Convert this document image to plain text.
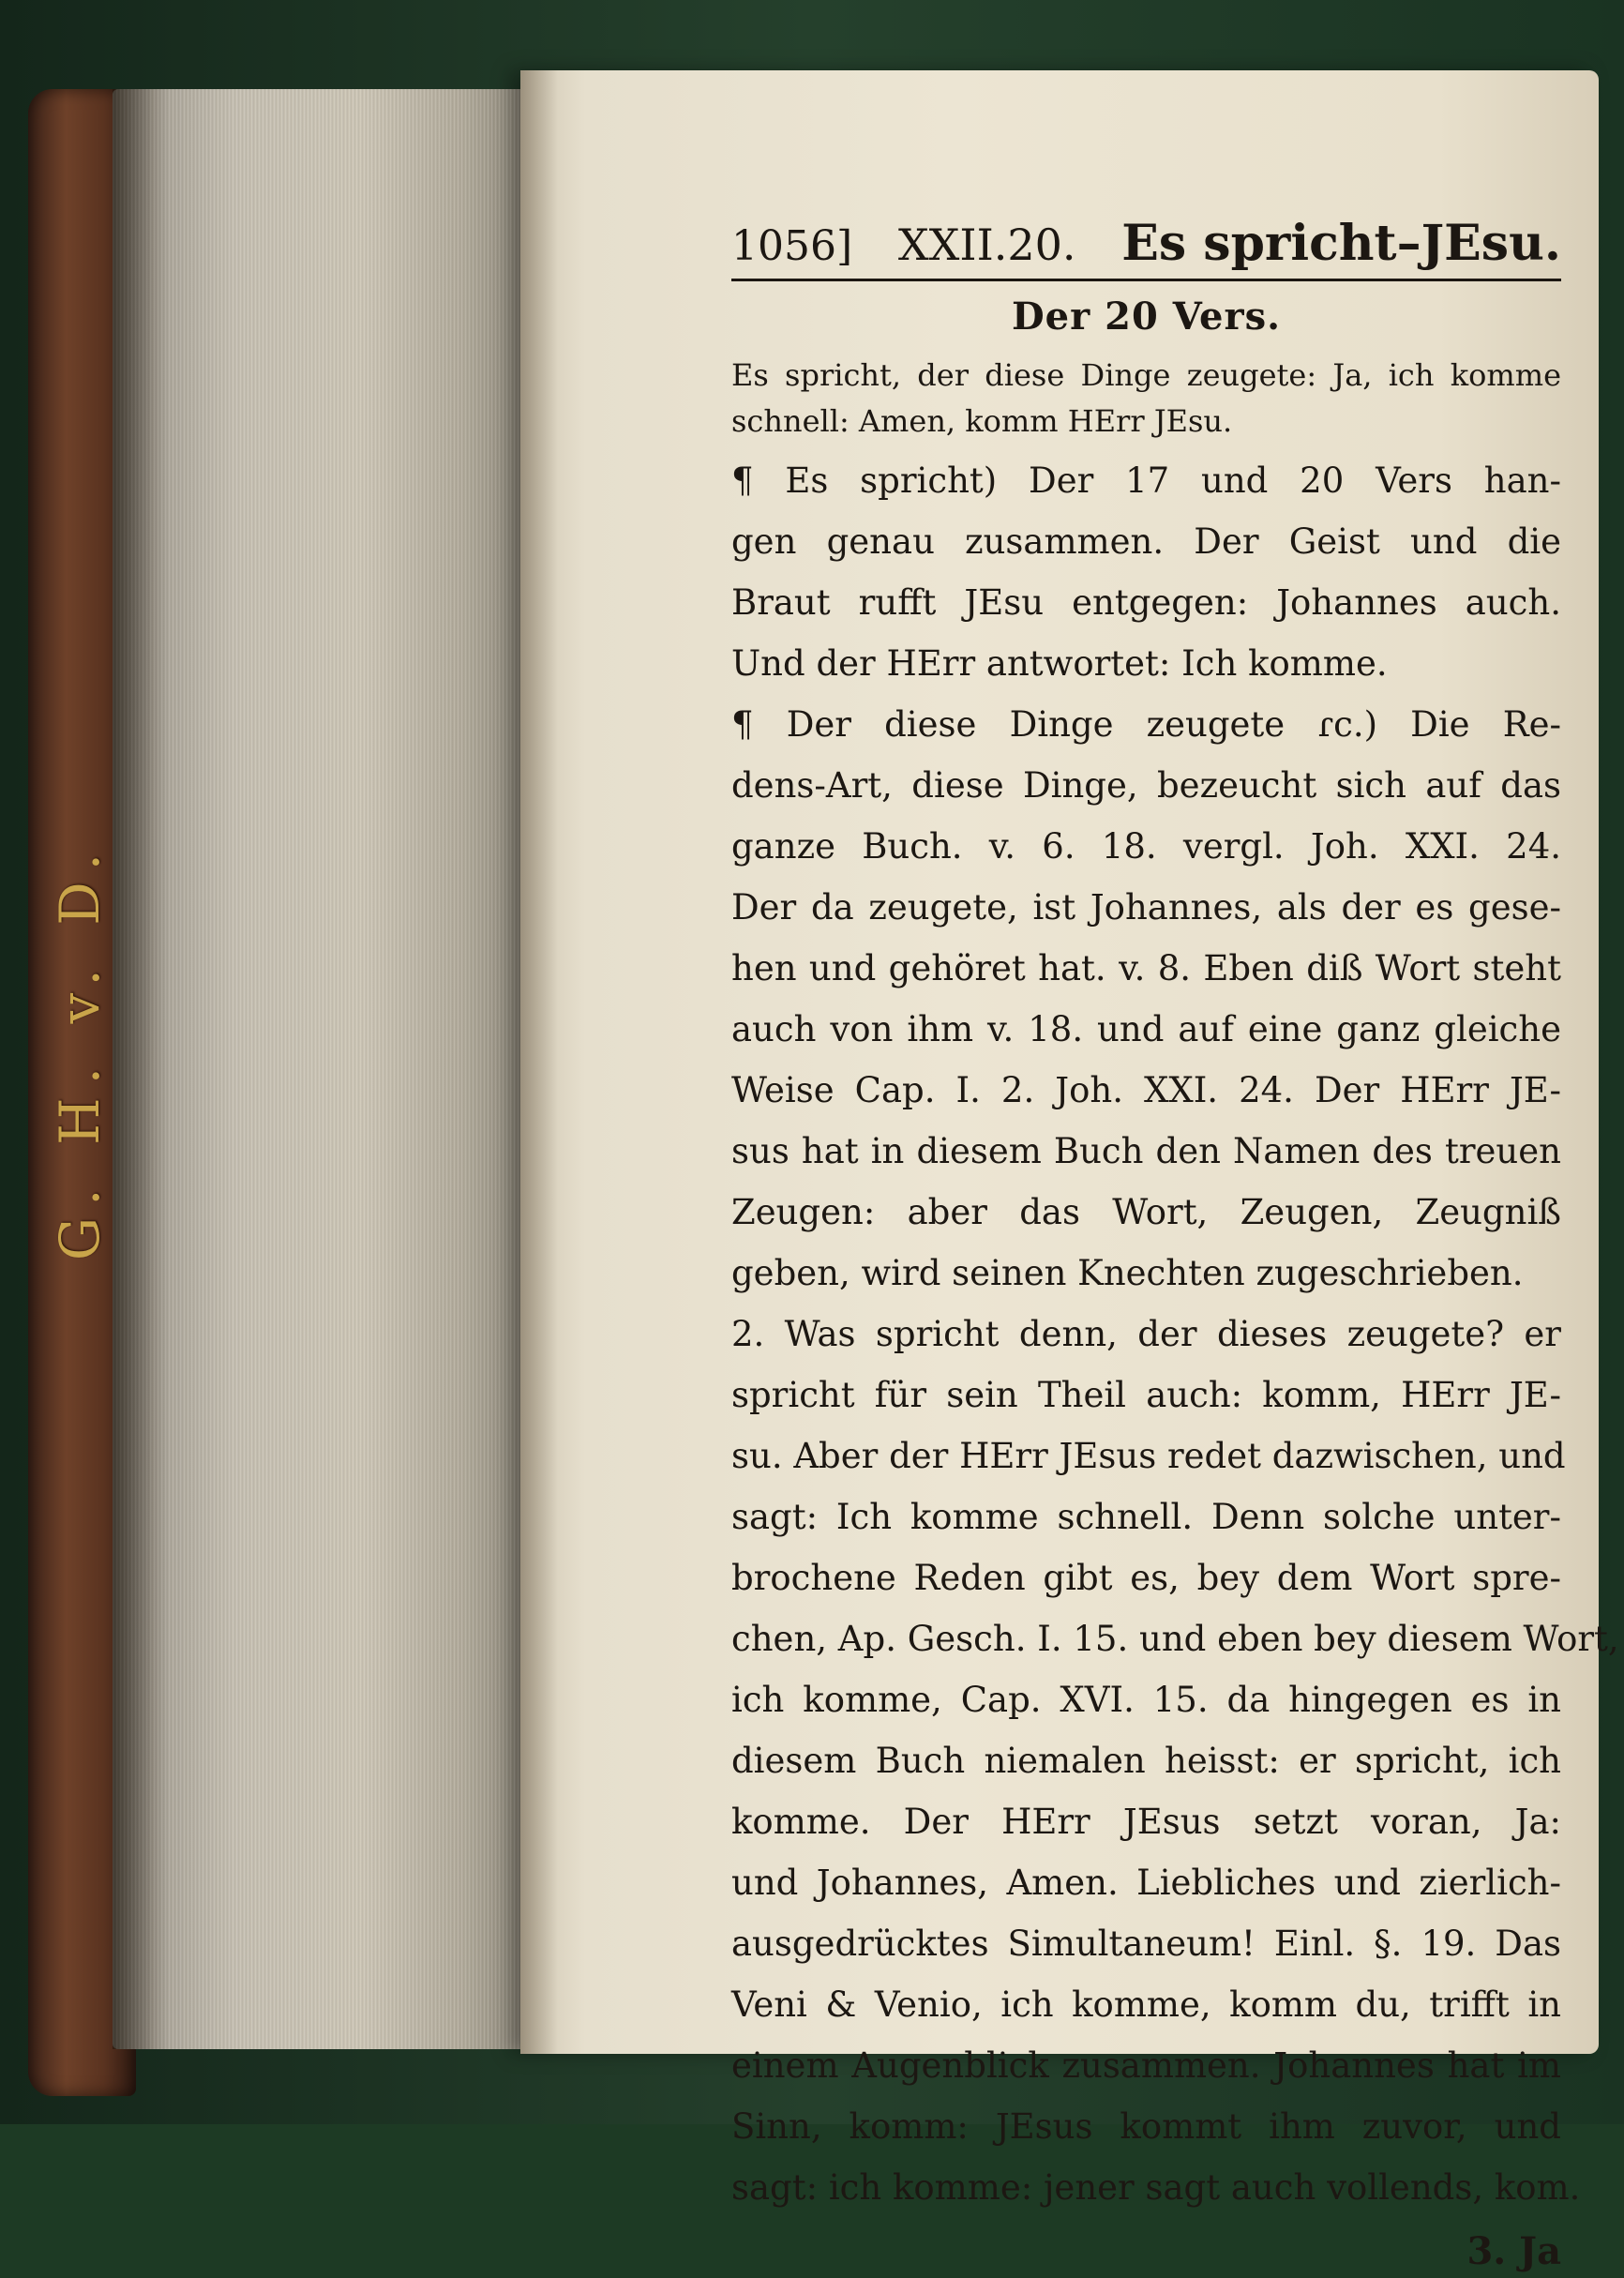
G. H. v. D.
1056] XXII.20. Es spricht–JEsu.
Der 20 Vers.
Es spricht, der diese Dinge zeugete: Ja, ich komme
schnell: Amen, komm HErr JEsu.
¶ Es spricht) Der 17 und 20 Vers han-
gen genau zusammen. Der Geist und die
Braut rufft JEsu entgegen: Johannes auch.
Und der HErr antwortet: Ich komme.
¶ Der diese Dinge zeugete ɾc.) Die Re-
dens-Art, diese Dinge, bezeucht sich auf das
ganze Buch. v. 6. 18. vergl. Joh. XXI. 24.
Der da zeugete, ist Johannes, als der es gese-
hen und gehöret hat. v. 8. Eben diß Wort steht
auch von ihm v. 18. und auf eine ganz gleiche
Weise Cap. I. 2. Joh. XXI. 24. Der HErr JE-
sus hat in diesem Buch den Namen des treuen
Zeugen: aber das Wort, Zeugen, Zeugniß
geben, wird seinen Knechten zugeschrieben.
2. Was spricht denn, der dieses zeugete? er
spricht für sein Theil auch: komm, HErr JE-
su. Aber der HErr JEsus redet dazwischen, und
sagt: Ich komme schnell. Denn solche unter-
brochene Reden gibt es, bey dem Wort spre-
chen, Ap. Gesch. I. 15. und eben bey diesem Wort,
ich komme, Cap. XVI. 15. da hingegen es in
diesem Buch niemalen heisst: er spricht, ich
komme. Der HErr JEsus setzt voran, Ja:
und Johannes, Amen. Liebliches und zierlich-
ausgedrücktes Simultaneum! Einl. §. 19. Das
Veni & Venio, ich komme, komm du, trifft in
einem Augenblick zusammen. Johannes hat im
Sinn, komm: JEsus kommt ihm zuvor, und
sagt: ich komme: jener sagt auch vollends, kom.
3. Ja
